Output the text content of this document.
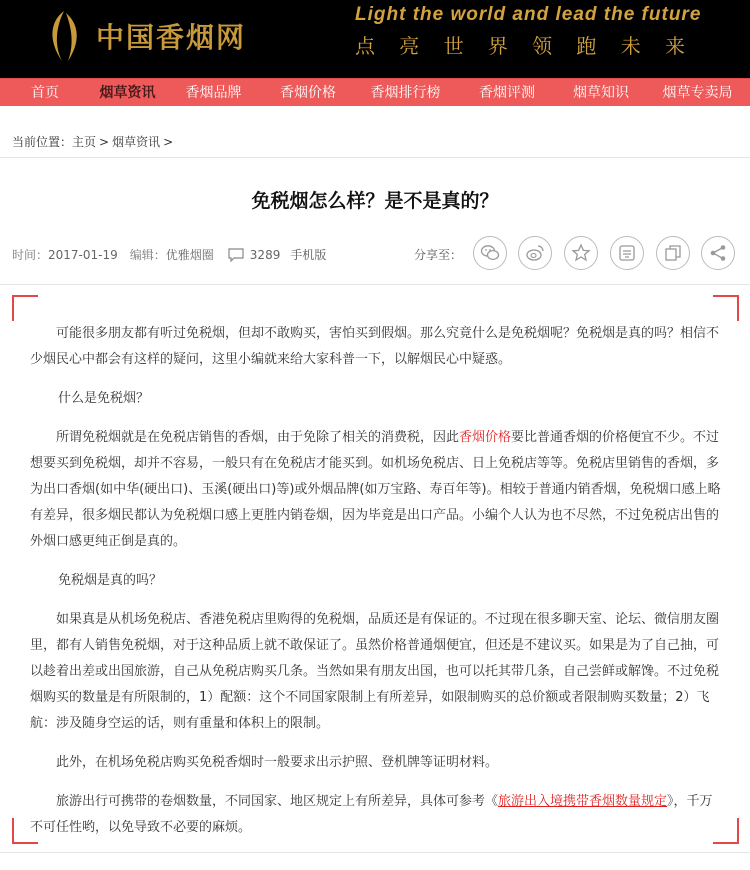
中国香烟网
Light the world and lead the future
点 亮 世 界 领 跑 未 来
首页	烟草资讯	香烟品牌	香烟价格	香烟排行榜	香烟评测	烟草知识	烟草专卖局
当前位置：主页 > 烟草资讯 >
免税烟怎么样？是不是真的？
时间： 2017-01-19 编辑： 优雅烟圈	3289 手机版	分享至：

可能很多朋友都有听过免税烟，但却不敢购买，害怕买到假烟。那么究竟什么是免税烟呢？免税烟是真的吗？相信不少烟民心中都会有这样的疑问，这里小编就来给大家科普一下，以解烟民心中疑惑。

什么是免税烟？

所谓免税烟就是在免税店销售的香烟，由于免除了相关的消费税，因此香烟价格要比普通香烟的价格便宜不少。不过想要买到免税烟，却并不容易，一般只有在免税店才能买到。如机场免税店、日上免税店等等。免税店里销售的香烟，多为出口香烟(如中华(硬出口)、玉溪(硬出口)等)或外烟品牌(如万宝路、寿百年等)。相较于普通内销香烟，免税烟口感上略有差异，很多烟民都认为免税烟口感上更胜内销卷烟，因为毕竟是出口产品。小编个人认为也不尽然，不过免税店出售的外烟口感更纯正倒是真的。

免税烟是真的吗？

如果真是从机场免税店、香港免税店里购得的免税烟，品质还是有保证的。不过现在很多聊天室、论坛、微信朋友圈里，都有人销售免税烟，对于这种品质上就不敢保证了。虽然价格普通烟便宜，但还是不建议买。如果是为了自己抽，可以趁着出差或出国旅游，自己从免税店购买几条。当然如果有朋友出国，也可以托其带几条，自己尝鲜或解馋。不过免税烟购买的数量是有所限制的，1）配额：这个不同国家限制上有所差异，如限制购买的总价额或者限制购买数量；2）飞航：涉及随身空运的话，则有重量和体积上的限制。

此外，在机场免税店购买免税香烟时一般要求出示护照、登机牌等证明材料。

旅游出行可携带的卷烟数量，不同国家、地区规定上有所差异，具体可参考《旅游出入境携带香烟数量规定》，千万不可任性哟，以免导致不必要的麻烦。
